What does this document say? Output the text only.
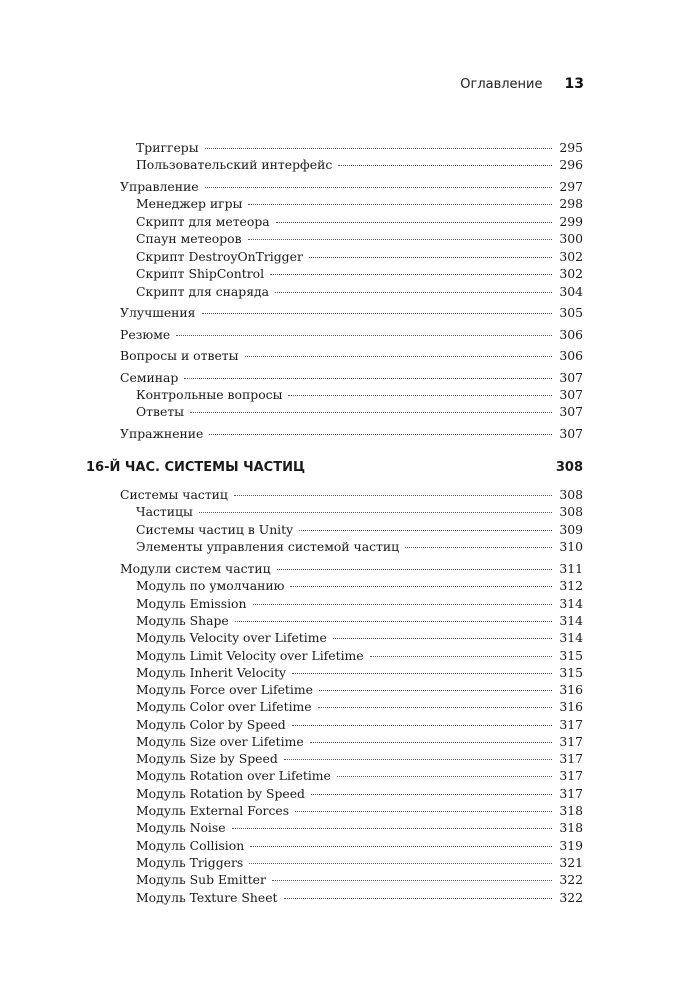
Оглавление 13
Триггеры	295
Пользовательский интерфейс	296
Управление	297
Менеджер игры	298
Скрипт для метеора	299
Спаун метеоров	300
Скрипт DestroyOnTrigger	302
Скрипт ShipControl	302
Скрипт для снаряда	304
Улучшения	305
Резюме	306
Вопросы и ответы	306
Семинар	307
Контрольные вопросы	307
Ответы	307
Упражнение	307
16-Й ЧАС. СИСТЕМЫ ЧАСТИЦ	308
Системы частиц	308
Частицы	308
Системы частиц в Unity	309
Элементы управления системой частиц	310
Модули систем частиц	311
Модуль по умолчанию	312
Модуль Emission	314
Модуль Shape	314
Модуль Velocity over Lifetime	314
Модуль Limit Velocity over Lifetime	315
Модуль Inherit Velocity	315
Модуль Force over Lifetime	316
Модуль Color over Lifetime	316
Модуль Color by Speed	317
Модуль Size over Lifetime	317
Модуль Size by Speed	317
Модуль Rotation over Lifetime	317
Модуль Rotation by Speed	317
Модуль External Forces	318
Модуль Noise	318
Модуль Collision	319
Модуль Triggers	321
Модуль Sub Emitter	322
Модуль Texture Sheet	322
